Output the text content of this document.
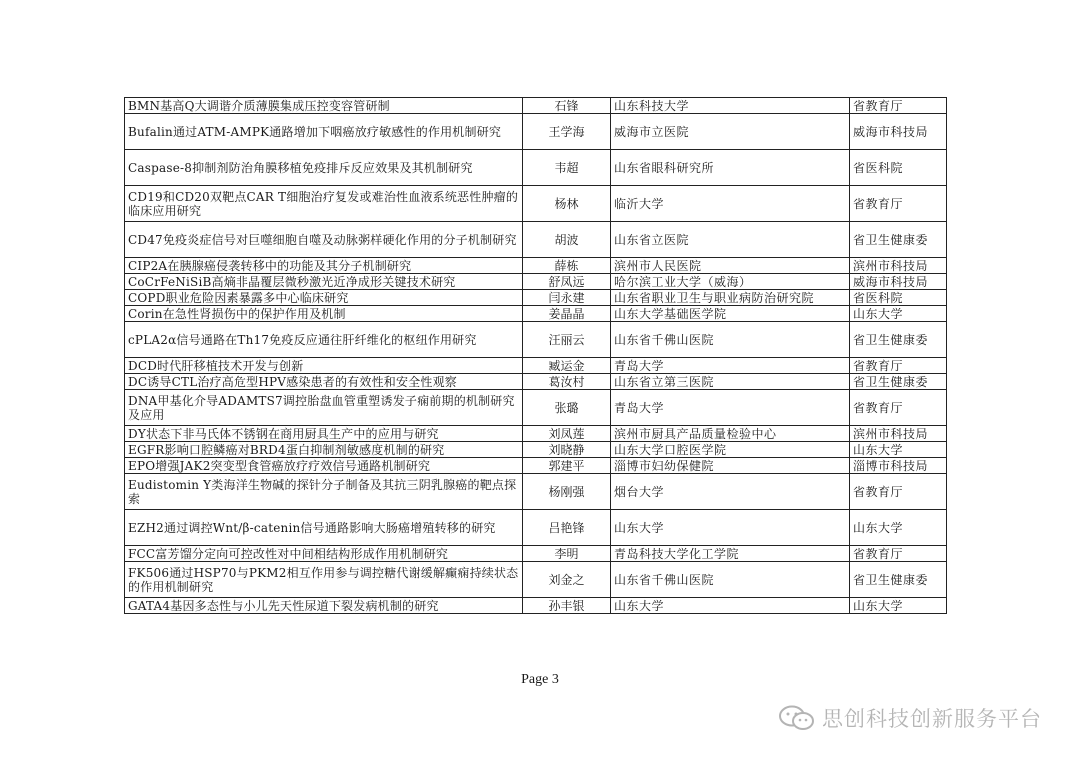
BMN基高Q大调谐介质薄膜集成压控变容管研制	石锋	山东科技大学	省教育厅
Bufalin通过ATM-AMPK通路增加下咽癌放疗敏感性的作用机制研究	王学海	威海市立医院	威海市科技局
Caspase-8抑制剂防治角膜移植免疫排斥反应效果及其机制研究	韦超	山东省眼科研究所	省医科院
CD19和CD20双靶点CAR T细胞治疗复发或难治性血液系统恶性肿瘤的临床应用研究	杨林	临沂大学	省教育厅
CD47免疫炎症信号对巨噬细胞自噬及动脉粥样硬化作用的分子机制研究	胡波	山东省立医院	省卫生健康委
CIP2A在胰腺癌侵袭转移中的功能及其分子机制研究	薛栋	滨州市人民医院	滨州市科技局
CoCrFeNiSiB高熵非晶覆层微秒激光近净成形关键技术研究	舒凤远	哈尔滨工业大学（威海）	威海市科技局
COPD职业危险因素暴露多中心临床研究	闫永建	山东省职业卫生与职业病防治研究院	省医科院
Corin在急性肾损伤中的保护作用及机制	姜晶晶	山东大学基础医学院	山东大学
cPLA2α信号通路在Th17免疫反应通往肝纤维化的枢纽作用研究	汪丽云	山东省千佛山医院	省卫生健康委
DCD时代肝移植技术开发与创新	臧运金	青岛大学	省教育厅
DC诱导CTL治疗高危型HPV感染患者的有效性和安全性观察	葛汝村	山东省立第三医院	省卫生健康委
DNA甲基化介导ADAMTS7调控胎盘血管重塑诱发子痫前期的机制研究及应用	张璐	青岛大学	省教育厅
DY状态下非马氏体不锈钢在商用厨具生产中的应用与研究	刘凤莲	滨州市厨具产品质量检验中心	滨州市科技局
EGFR影响口腔鳞癌对BRD4蛋白抑制剂敏感度机制的研究	刘晓静	山东大学口腔医学院	山东大学
EPO增强JAK2突变型食管癌放疗疗效信号通路机制研究	郭建平	淄博市妇幼保健院	淄博市科技局
Eudistomin Y类海洋生物碱的探针分子制备及其抗三阴乳腺癌的靶点探索	杨刚强	烟台大学	省教育厅
EZH2通过调控Wnt/β-catenin信号通路影响大肠癌增殖转移的研究	吕艳锋	山东大学	山东大学
FCC富芳馏分定向可控改性对中间相结构形成作用机制研究	李明	青岛科技大学化工学院	省教育厅
FK506通过HSP70与PKM2相互作用参与调控糖代谢缓解癫痫持续状态的作用机制研究	刘金之	山东省千佛山医院	省卫生健康委
GATA4基因多态性与小儿先天性尿道下裂发病机制的研究	孙丰银	山东大学	山东大学
Page 3
思创科技创新服务平台
